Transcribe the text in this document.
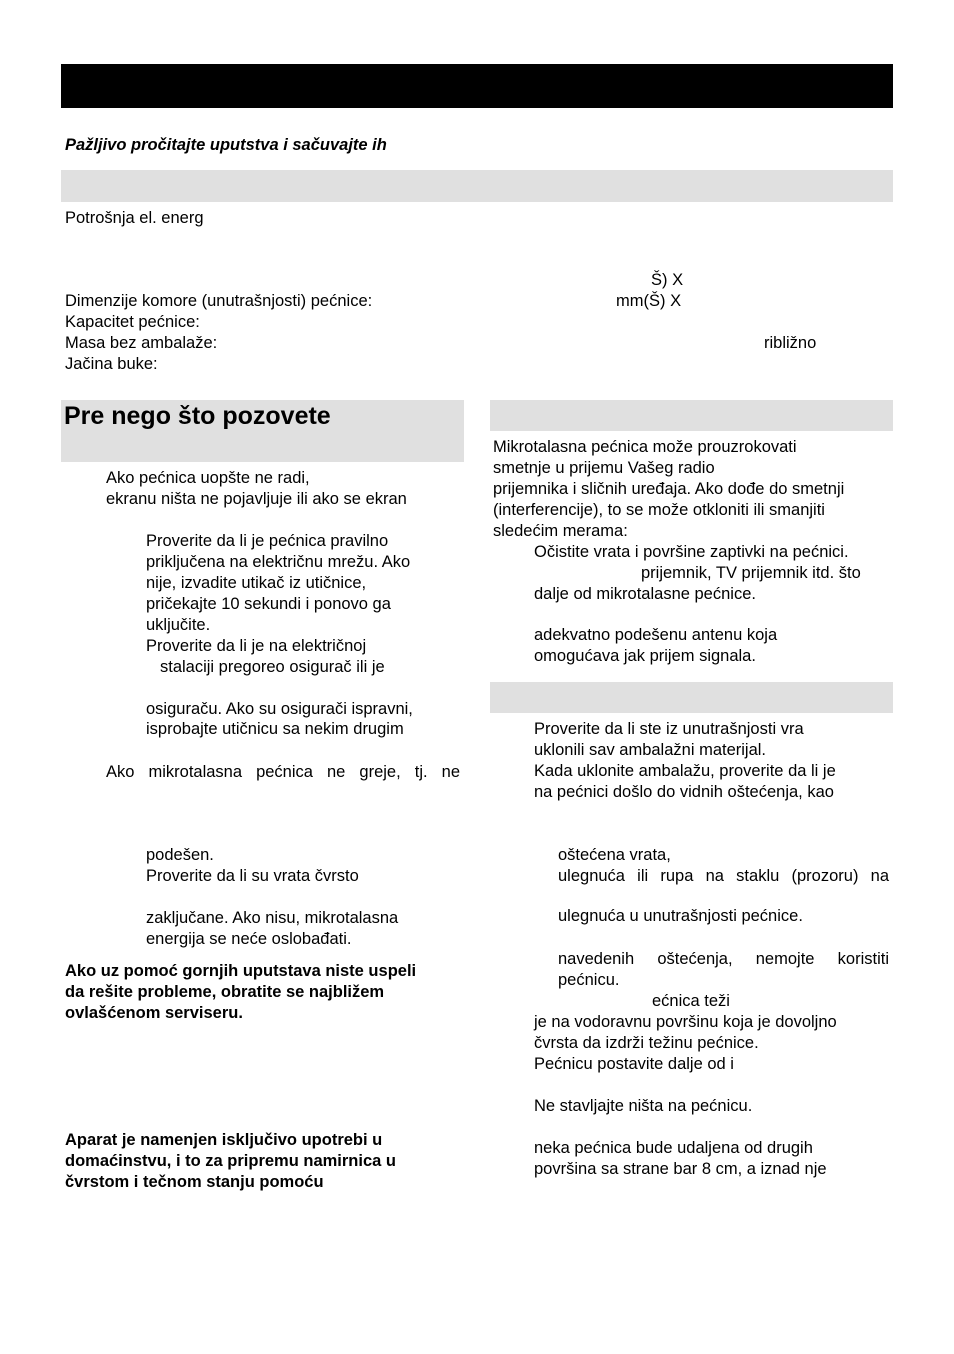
Pažljivo pročitajte uputstva i sačuvajte ih
Potrošnja el. energ
Š) X
Dimenzije komore (unutrašnjosti) pećnice:	mm(Š) X
Kapacitet pećnice:
Masa bez ambalaže:	ribližno
Jačina buke:
Pre nego što pozovete
Ako pećnica uopšte ne radi,
ekranu ništa ne pojavljuje ili ako se ekran
Proverite da li je pećnica pravilno
priključena na električnu mrežu. Ako
nije, izvadite utikač iz utičnice,
pričekajte 10 sekundi i ponovo ga
uključite.
Proverite da li je na električnoj
stalaciji pregoreo osigurač ili je
osiguraču. Ako su osigurači ispravni,
isprobajte utičnicu sa nekim drugim
Ako mikrotalasna pećnica ne greje, tj. ne
podešen.
Proverite da li su vrata čvrsto
zaključane. Ako nisu, mikrotalasna
energija se neće oslobađati.
Ako uz pomoć gornjih uputstava niste uspeli
da rešite probleme, obratite se najbližem
ovlašćenom serviseru.
Aparat je namenjen isključivo upotrebi u
domaćinstvu, i to za pripremu namirnica u
čvrstom i tečnom stanju pomoću
Mikrotalasna pećnica može prouzrokovati
smetnje u prijemu Vašeg radio
prijemnika i sličnih uređaja. Ako dođe do smetnji
(interferencije), to se može otkloniti ili smanjiti
sledećim merama:
Očistite vrata i površine zaptivki na pećnici.
prijemnik, TV prijemnik itd. što
dalje od mikrotalasne pećnice.
adekvatno podešenu antenu koja
omogućava jak prijem signala.
Proverite da li ste iz unutrašnjosti vra
uklonili sav ambalažni materijal.
Kada uklonite ambalažu, proverite da li je
na pećnici došlo do vidnih oštećenja, kao
oštećena vrata,
ulegnuća ili rupa na staklu (prozoru) na
ulegnuća u unutrašnjosti pećnice.
navedenih oštećenja, nemojte koristiti
pećnicu.
ećnica teži
je na vodoravnu površinu koja je dovoljno
čvrsta da izdrži težinu pećnice.
Pećnicu postavite dalje od i
Ne stavljajte ništa na pećnicu.
neka pećnica bude udaljena od drugih
površina sa strane bar 8 cm, a iznad nje
